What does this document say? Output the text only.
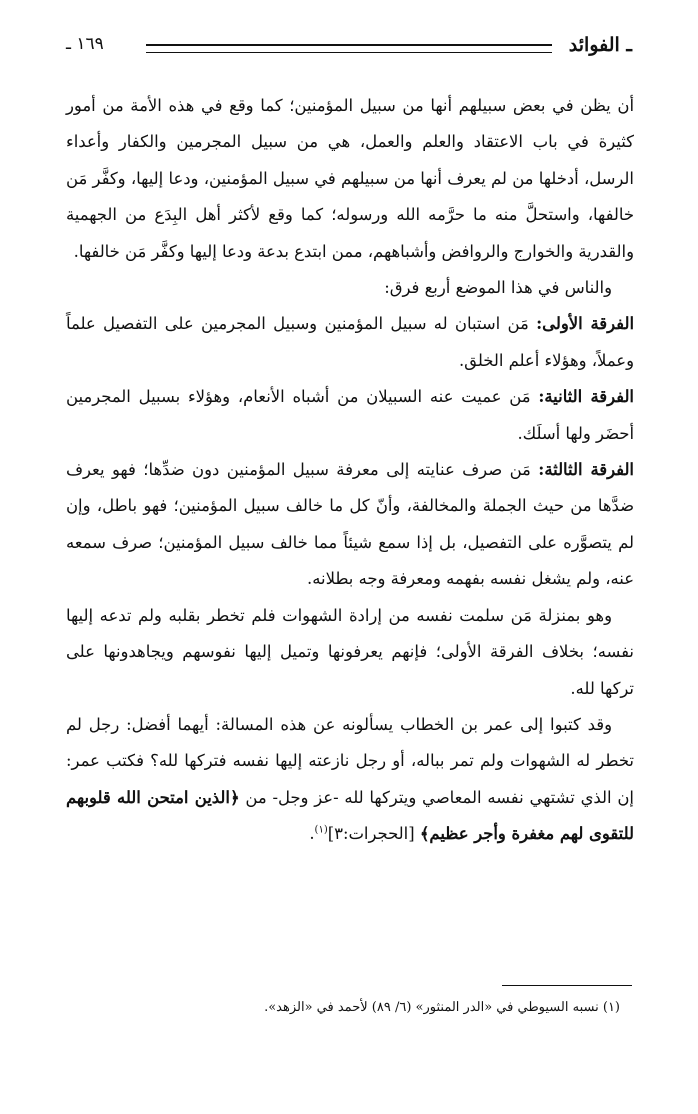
ـ الفوائد
١٦٩ ـ

أن يظن في بعض سبيلهم أنها من سبيل المؤمنين؛ كما وقع في هذه الأمة من أمور كثيرة في باب الاعتقاد والعلم والعمل، هي من سبيل المجرمين والكفار وأعداء الرسل، أدخلها من لم يعرف أنها من سبيلهم في سبيل المؤمنين، ودعا إليها، وكفَّر مَن خالفها، واستحلَّ منه ما حرَّمه الله ورسوله؛ كما وقع لأكثر أهل البِدَع من الجهمية والقدرية والخوارج والروافض وأشباههم، ممن ابتدع بدعة ودعا إليها وكفَّر مَن خالفها.

والناس في هذا الموضع أربع فرق:

الفرقة الأولى: مَن استبان له سبيل المؤمنين وسبيل المجرمين على التفصيل علماً وعملاً، وهؤلاء أعلم الخلق.

الفرقة الثانية: مَن عميت عنه السبيلان من أشباه الأنعام، وهؤلاء بسبيل المجرمين أحضَر ولها أسلَك.

الفرقة الثالثة: مَن صرف عنايته إلى معرفة سبيل المؤمنين دون ضدِّها؛ فهو يعرف ضدَّها من حيث الجملة والمخالفة، وأنّ كل ما خالف سبيل المؤمنين؛ فهو باطل، وإن لم يتصوَّره على التفصيل، بل إذا سمع شيئاً مما خالف سبيل المؤمنين؛ صرف سمعه عنه، ولم يشغل نفسه بفهمه ومعرفة وجه بطلانه.

وهو بمنزلة مَن سلمت نفسه من إرادة الشهوات فلم تخطر بقلبه ولم تدعه إليها نفسه؛ بخلاف الفرقة الأولى؛ فإنهم يعرفونها وتميل إليها نفوسهم ويجاهدونها على تركها لله.

وقد كتبوا إلى عمر بن الخطاب يسألونه عن هذه المسالة: أيهما أفضل: رجل لم تخطر له الشهوات ولم تمر بباله، أو رجل نازعته إليها نفسه فتركها لله؟ فكتب عمر: إن الذي تشتهي نفسه المعاصي ويتركها لله -عز وجل- من ﴿الذين امتحن الله قلوبهم للتقوى لهم مغفرة وأجر عظيم﴾ [الحجرات:٣]$^{(١)}$.

(١) نسبه السيوطي في «الدر المنثور» (٦/ ٨٩) لأحمد في «الزهد».
